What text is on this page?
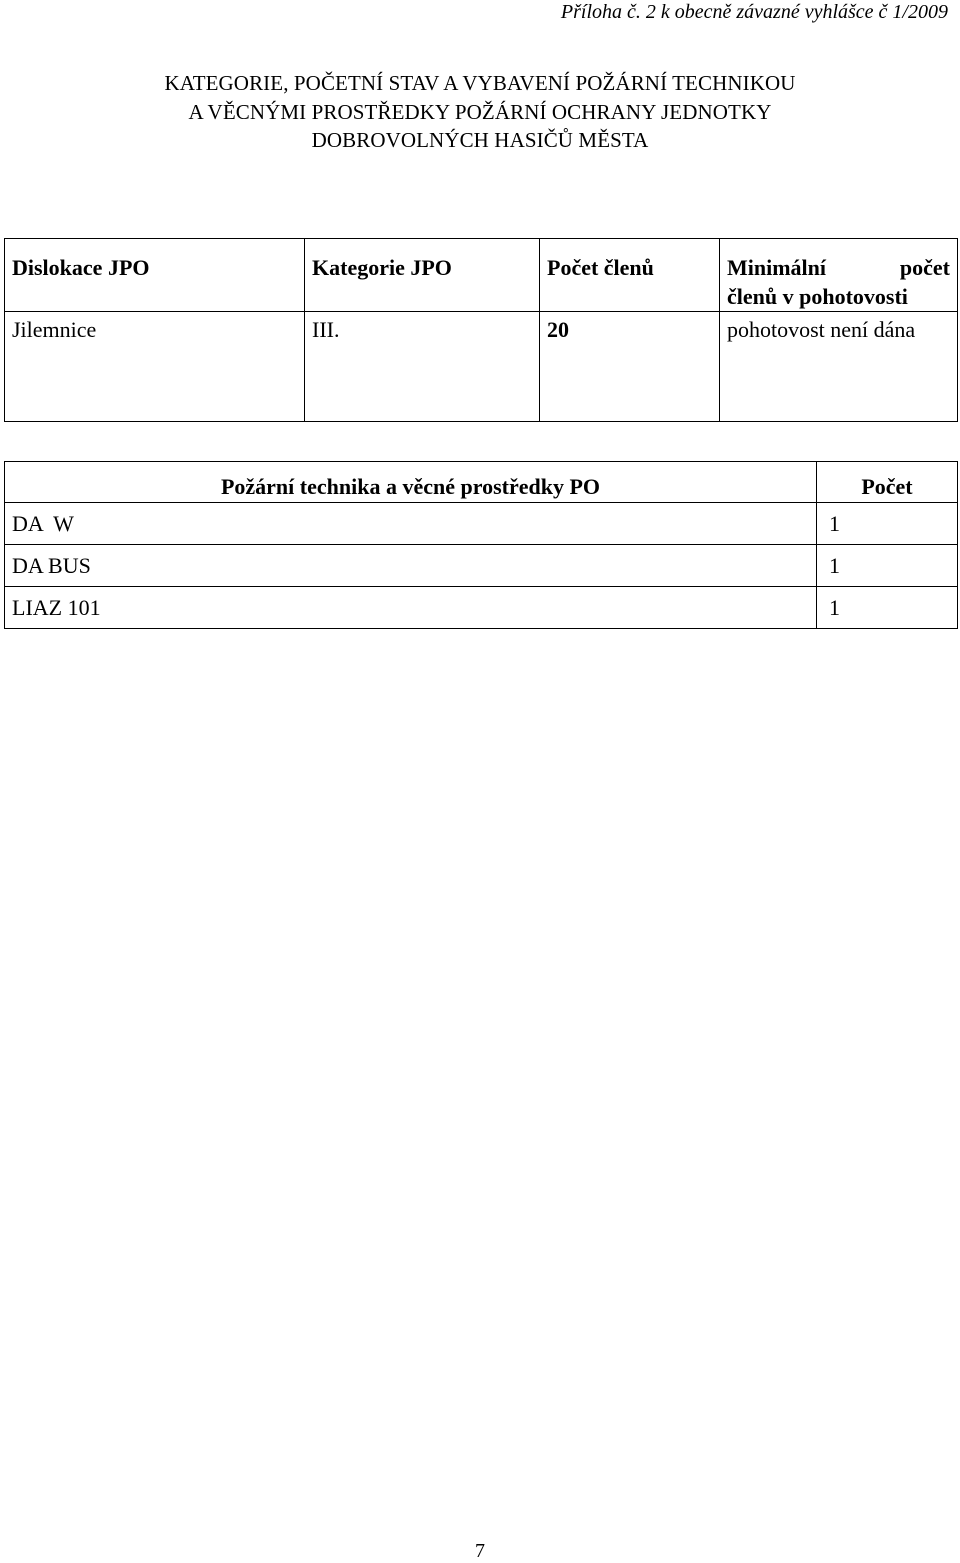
Příloha č. 2 k obecně závazné vyhlášce č 1/2009
KATEGORIE, POČETNÍ STAV A VYBAVENÍ POŽÁRNÍ TECHNIKOU
A VĚCNÝMI PROSTŘEDKY POŽÁRNÍ OCHRANY JEDNOTKY
DOBROVOLNÝCH HASIČŮ MĚSTA
Dislokace JPO	Kategorie JPO	Počet členů	Minimální počet
členů v pohotovosti

Jilemnice	III.	20	pohotovost není dána
Požární technika a věcné prostředky PO	Počet
DA  W	1
DA BUS	1
LIAZ 101	1
7
